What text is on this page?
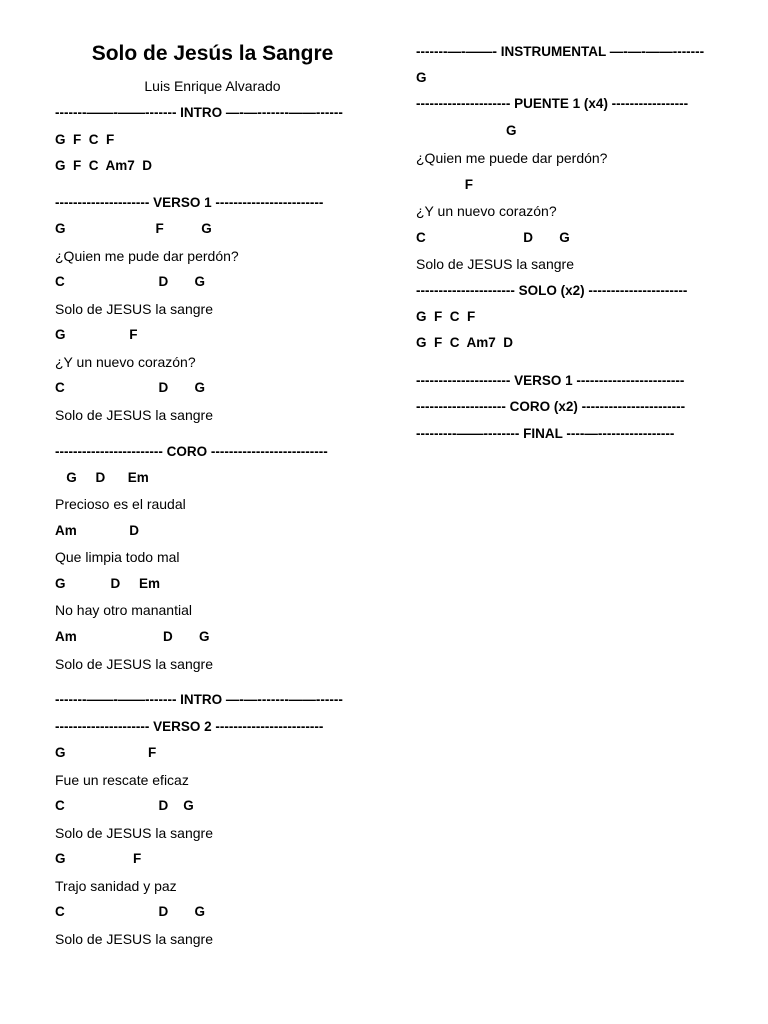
Solo de Jesús la Sangre
Luis Enrique Alvarado
-------——-——------- INTRO —-—-------——------
G  F  C  F
G  F  C  Am7  D
--------------------- VERSO 1 ------------------------
G                        F          G
¿Quien me pude dar perdón?
C                         D       G
Solo de JESUS la sangre
G                 F
¿Y un nuevo corazón?
C                         D       G
Solo de JESUS la sangre
------------------------ CORO --------------------------
G     D      Em
Precioso es el raudal
Am              D
Que limpia todo mal
G            D     Em
No hay otro manantial
Am                       D       G
Solo de JESUS la sangre
-------——-——------- INTRO —-—-------——------
--------------------- VERSO 2 ------------------------
G                      F
Fue un rescate eficaz
C                         D    G
Solo de JESUS la sangre
G                  F
Trajo sanidad y paz
C                         D       G
Solo de JESUS la sangre
-------—-——- INSTRUMENTAL —-—-——-------
G
--------------------- PUENTE 1 (x4) -----------------
G
¿Quien me puede dar perdón?
F
¿Y un nuevo corazón?
C                          D       G
Solo de JESUS la sangre
---------------------- SOLO (x2) ----------------------
G  F  C  F
G  F  C  Am7  D
--------------------- VERSO 1 ------------------------
-------------------- CORO (x2) -----------------------
---------——-------- FINAL ----—-----------------
